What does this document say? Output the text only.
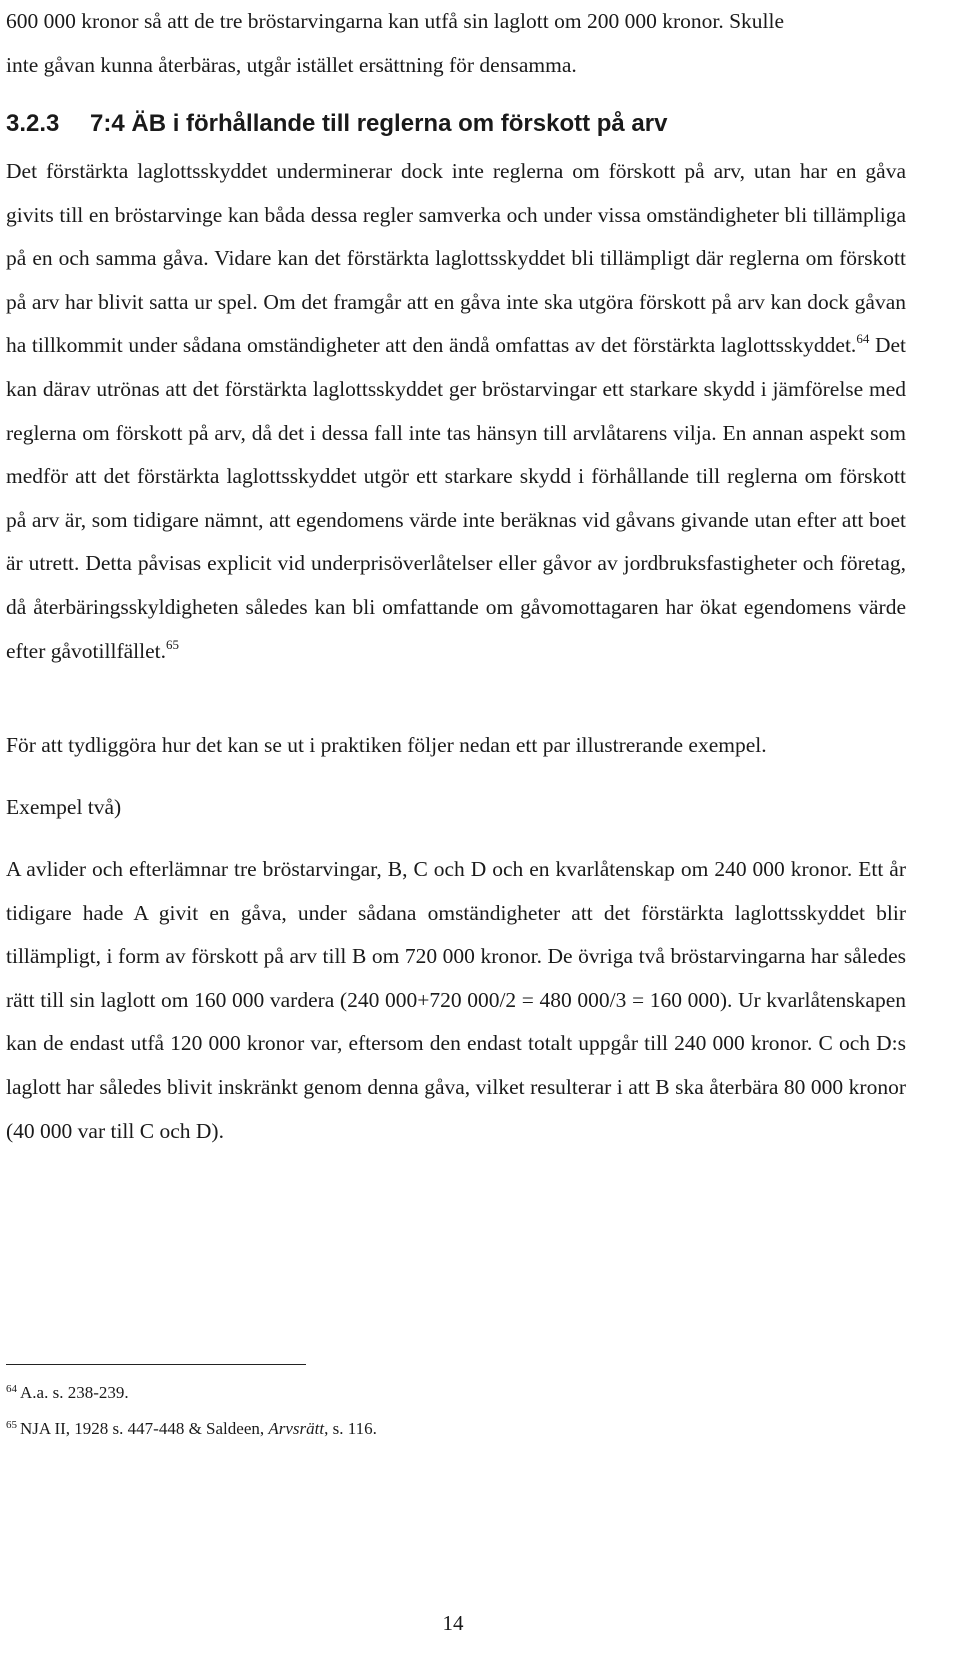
600 000 kronor så att de tre bröstarvingarna kan utfå sin laglott om 200 000 kronor. Skulle
inte gåvan kunna återbäras, utgår istället ersättning för densamma.

3.2.3 7:4 ÄB i förhållande till reglerna om förskott på arv

Det förstärkta laglottsskyddet underminerar dock inte reglerna om förskott på arv, utan har en gåva givits till en bröstarvinge kan båda dessa regler samverka och under vissa omständigheter bli tillämpliga på en och samma gåva. Vidare kan det förstärkta laglottsskyddet bli tillämpligt där reglerna om förskott på arv har blivit satta ur spel. Om det framgår att en gåva inte ska utgöra förskott på arv kan dock gåvan ha tillkommit under sådana omständigheter att den ändå omfattas av det förstärkta laglottsskyddet.$^{64}$ Det kan därav utrönas att det förstärkta laglottsskyddet ger bröstarvingar ett starkare skydd i jämförelse med reglerna om förskott på arv, då det i dessa fall inte tas hänsyn till arvlåtarens vilja. En annan aspekt som medför att det förstärkta laglottsskyddet utgör ett starkare skydd i förhållande till reglerna om förskott på arv är, som tidigare nämnt, att egendomens värde inte beräknas vid gåvans givande utan efter att boet är utrett. Detta påvisas explicit vid underprisöverlåtelser eller gåvor av jordbruksfastigheter och företag, då återbäringsskyldigheten således kan bli omfattande om gåvomottagaren har ökat egendomens värde efter gåvotillfället.$^{65}$

För att tydliggöra hur det kan se ut i praktiken följer nedan ett par illustrerande exempel.

Exempel två)

A avlider och efterlämnar tre bröstarvingar, B, C och D och en kvarlåtenskap om 240 000 kronor. Ett år tidigare hade A givit en gåva, under sådana omständigheter att det förstärkta laglottsskyddet blir tillämpligt, i form av förskott på arv till B om 720 000 kronor. De övriga två bröstarvingarna har således rätt till sin laglott om 160 000 vardera (240 000+720 000/2 = 480 000/3 = 160 000). Ur kvarlåtenskapen kan de endast utfå 120 000 kronor var, eftersom den endast totalt uppgår till 240 000 kronor. C och D:s laglott har således blivit inskränkt genom denna gåva, vilket resulterar i att B ska återbära 80 000 kronor (40 000 var till C och D).

$^{64}$ A.a. s. 238-239.

$^{65}$ NJA II, 1928 s. 447-448 & Saldeen, Arvsrätt, s. 116.

14
